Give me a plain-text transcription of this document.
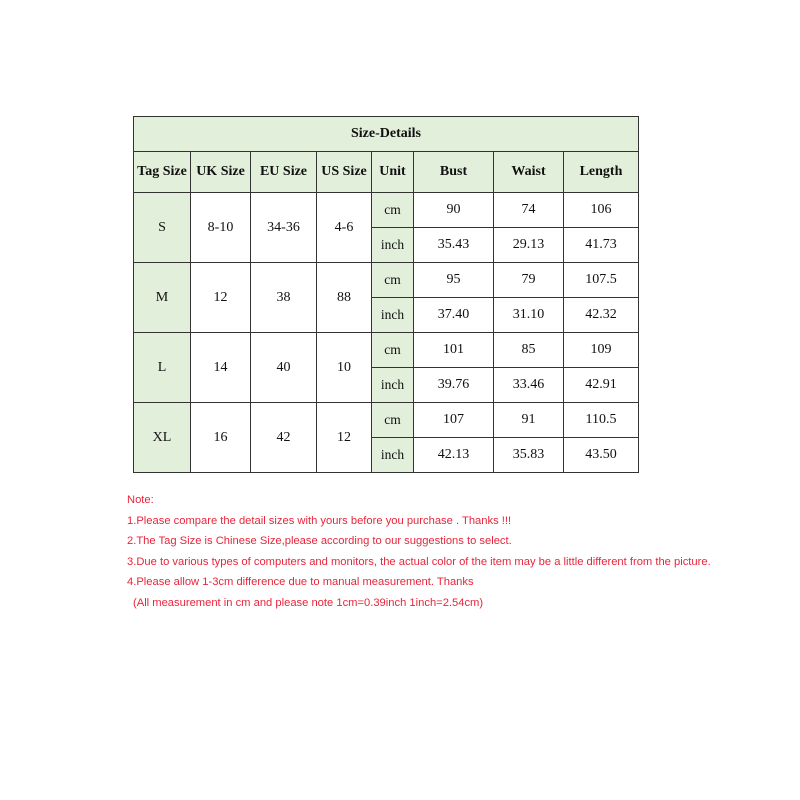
Size-Details							
Tag Size	UK Size	EU Size	US Size	Unit	Bust	Waist	Length
S	8-10	34-36	4-6	cm	90	74	106
				inch	35.43	29.13	41.73
M	12	38	88	cm	95	79	107.5
				inch	37.40	31.10	42.32
L	14	40	10	cm	101	85	109
				inch	39.76	33.46	42.91
XL	16	42	12	cm	107	91	110.5
				inch	42.13	35.83	43.50
Note:
1.Please compare the detail sizes with yours before you purchase . Thanks !!!
2.The Tag Size is Chinese Size,please according to our suggestions to select.
3.Due to various types of computers and monitors, the actual color of the item may be a little different from the picture.
4.Please allow 1-3cm difference due to manual measurement. Thanks
(All measurement in cm and please note 1cm=0.39inch 1inch=2.54cm)
